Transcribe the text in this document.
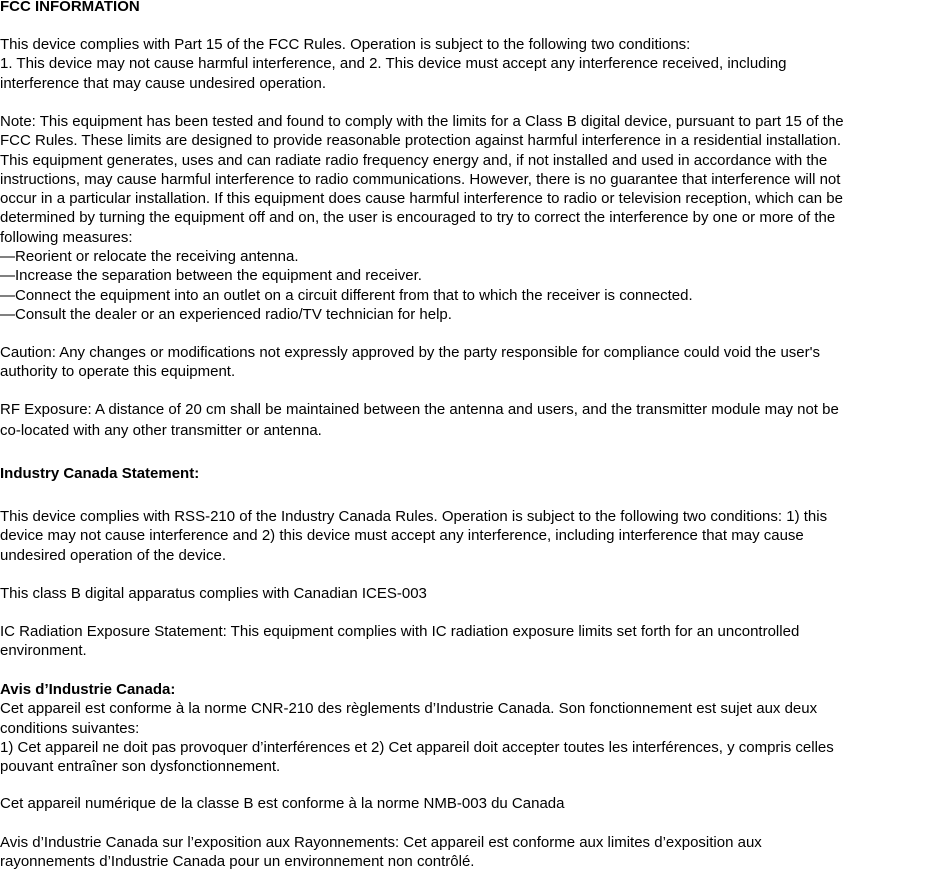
FCC INFORMATION
This device complies with Part 15 of the FCC Rules. Operation is subject to the following two conditions:
1. This device may not cause harmful interference, and 2. This device must accept any interference received, including
interference that may cause undesired operation.
Note: This equipment has been tested and found to comply with the limits for a Class B digital device, pursuant to part 15 of the
FCC Rules. These limits are designed to provide reasonable protection against harmful interference in a residential installation.
This equipment generates, uses and can radiate radio frequency energy and, if not installed and used in accordance with the
instructions, may cause harmful interference to radio communications. However, there is no guarantee that interference will not
occur in a particular installation. If this equipment does cause harmful interference to radio or television reception, which can be
determined by turning the equipment off and on, the user is encouraged to try to correct the interference by one or more of the
following measures:
—Reorient or relocate the receiving antenna.
—Increase the separation between the equipment and receiver.
—Connect the equipment into an outlet on a circuit different from that to which the receiver is connected.
—Consult the dealer or an experienced radio/TV technician for help.
Caution: Any changes or modifications not expressly approved by the party responsible for compliance could void the user's
authority to operate this equipment.
RF Exposure: A distance of 20 cm shall be maintained between the antenna and users, and the transmitter module may not be
co-located with any other transmitter or antenna.
Industry Canada Statement:
This device complies with RSS-210 of the Industry Canada Rules. Operation is subject to the following two conditions: 1) this
device may not cause interference and 2) this device must accept any interference, including interference that may cause
undesired operation of the device.
This class B digital apparatus complies with Canadian ICES-003
IC Radiation Exposure Statement: This equipment complies with IC radiation exposure limits set forth for an uncontrolled
environment.
Avis d’Industrie Canada:
Cet appareil est conforme à la norme CNR-210 des règlements d’Industrie Canada. Son fonctionnement est sujet aux deux
conditions suivantes:
1) Cet appareil ne doit pas provoquer d’interférences et 2) Cet appareil doit accepter toutes les interférences, y compris celles
pouvant entraîner son dysfonctionnement.
Cet appareil numérique de la classe B est conforme à la norme NMB-003 du Canada
Avis d’Industrie Canada sur l’exposition aux Rayonnements: Cet appareil est conforme aux limites d’exposition aux
rayonnements d’Industrie Canada pour un environnement non contrôlé.
